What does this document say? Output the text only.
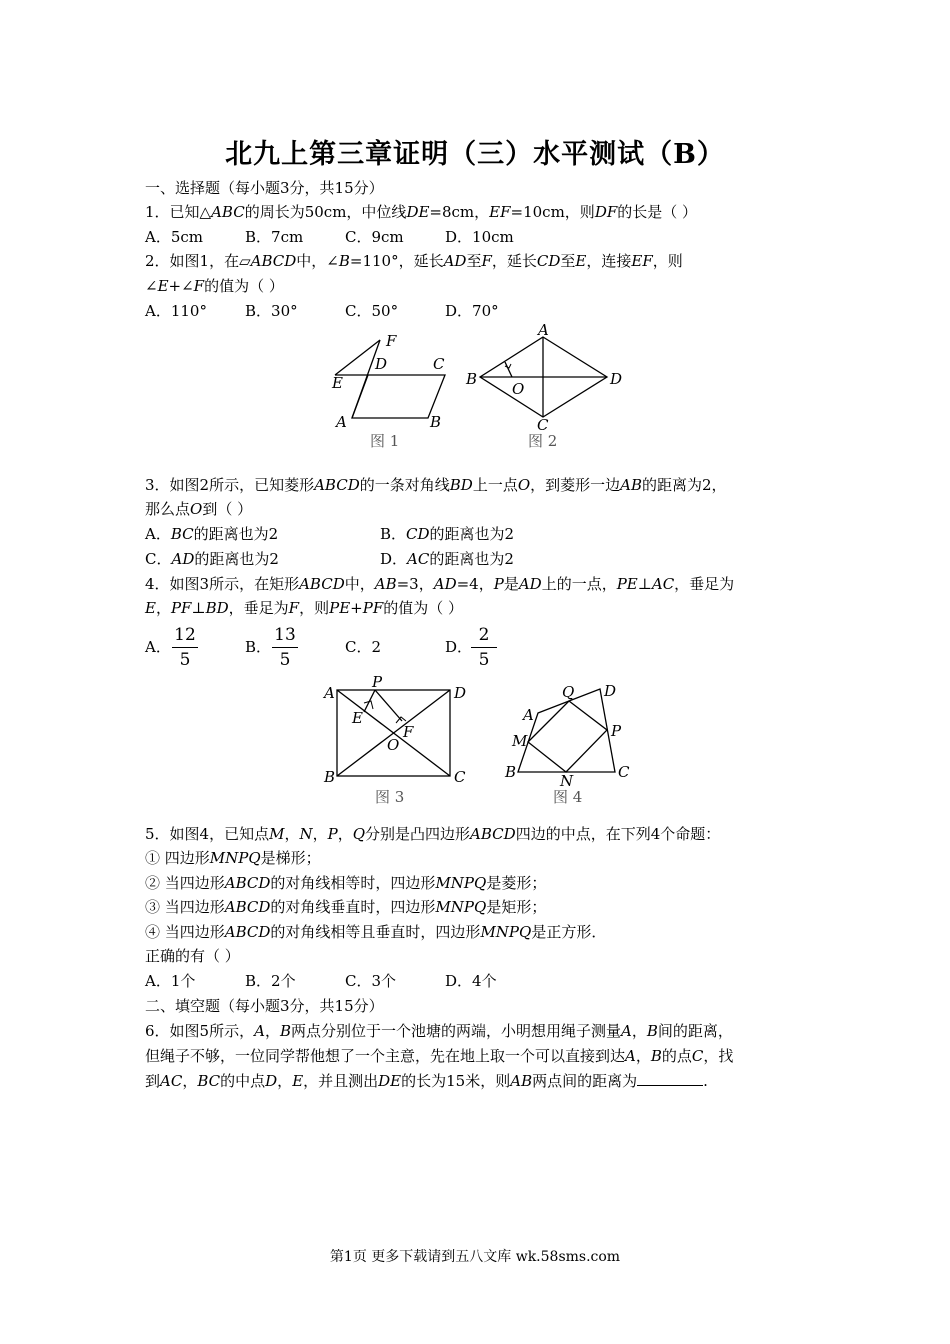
北九上第三章证明（三）水平测试（B）
一、选择题（每小题3分，共15分）
1．已知△ABC的周长为50cm，中位线DE=8cm，EF=10cm，则DF的长是（ ）
A．5cm	B．7cm	C．9cm	D．10cm
2．如图1，在▱ABCD中，∠B=110°，延长AD至F，延长CD至E，连接EF，则
∠E+∠F的值为（ ）
A．110°	B．30°	C．50°	D．70°
F
D	C
E
A	B
图 1
A
B
O
D
C
图 2
3．如图2所示，已知菱形ABCD的一条对角线BD上一点O，到菱形一边AB的距离为2，
那么点O到（ ）
A．BC的距离也为2	B．CD的距离也为2
C．AD的距离也为2	D．AC的距离也为2
4．如图3所示，在矩形ABCD中，AB=3，AD=4，P是AD上的一点，PE⊥AC，垂足为
E，PF⊥BD，垂足为F，则PE+PF的值为（ ）
A． $\frac{12}{5}$	B． $\frac{13}{5}$	C．2	D．
$\frac{2}{5}$
A
P
D
E
F
O
B	C
图 3
Q D
A
P
M
B	N	C
图 4
5．如图4，已知点M，N，P，Q分别是凸四边形ABCD四边的中点，在下列4个命题：
① 四边形MNPQ是梯形；
② 当四边形ABCD的对角线相等时，四边形MNPQ是菱形；
③ 当四边形ABCD的对角线垂直时，四边形MNPQ是矩形；
④ 当四边形ABCD的对角线相等且垂直时，四边形MNPQ是正方形．
正确的有（ ）
A．1个	B．2个	C．3个	D．4个
二、填空题（每小题3分，共15分）
6．如图5所示，A，B两点分别位于一个池塘的两端，小明想用绳子测量A，B间的距离，
但绳子不够，一位同学帮他想了一个主意，先在地上取一个可以直接到达A，B的点C，找
到AC，BC的中点D，E，并且测出DE的长为15米，则AB两点间的距离为	.
第1页 更多下载请到五八文库 wk.58sms.com
